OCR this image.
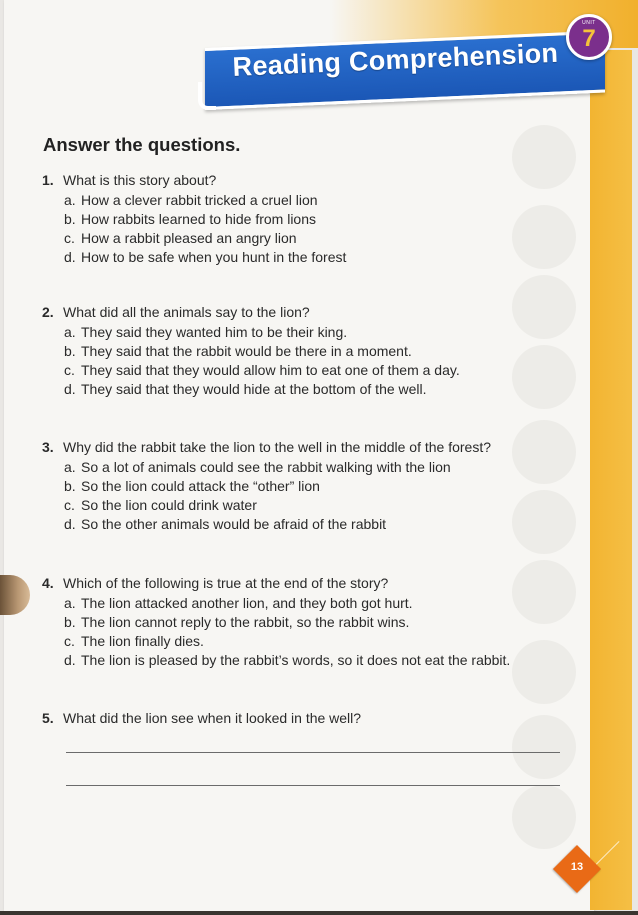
Reading Comprehension
UNIT
7
Answer the questions.
1. What is this story about?
a. How a clever rabbit tricked a cruel lion
b. How rabbits learned to hide from lions
c. How a rabbit pleased an angry lion
d. How to be safe when you hunt in the forest
2. What did all the animals say to the lion?
a. They said they wanted him to be their king.
b. They said that the rabbit would be there in a moment.
c. They said that they would allow him to eat one of them a day.
d. They said that they would hide at the bottom of the well.
3. Why did the rabbit take the lion to the well in the middle of the forest?
a. So a lot of animals could see the rabbit walking with the lion
b. So the lion could attack the “other” lion
c. So the lion could drink water
d. So the other animals would be afraid of the rabbit
4. Which of the following is true at the end of the story?
a. The lion attacked another lion, and they both got hurt.
b. The lion cannot reply to the rabbit, so the rabbit wins.
c. The lion finally dies.
d. The lion is pleased by the rabbit’s words, so it does not eat the rabbit.
5. What did the lion see when it looked in the well?
13
